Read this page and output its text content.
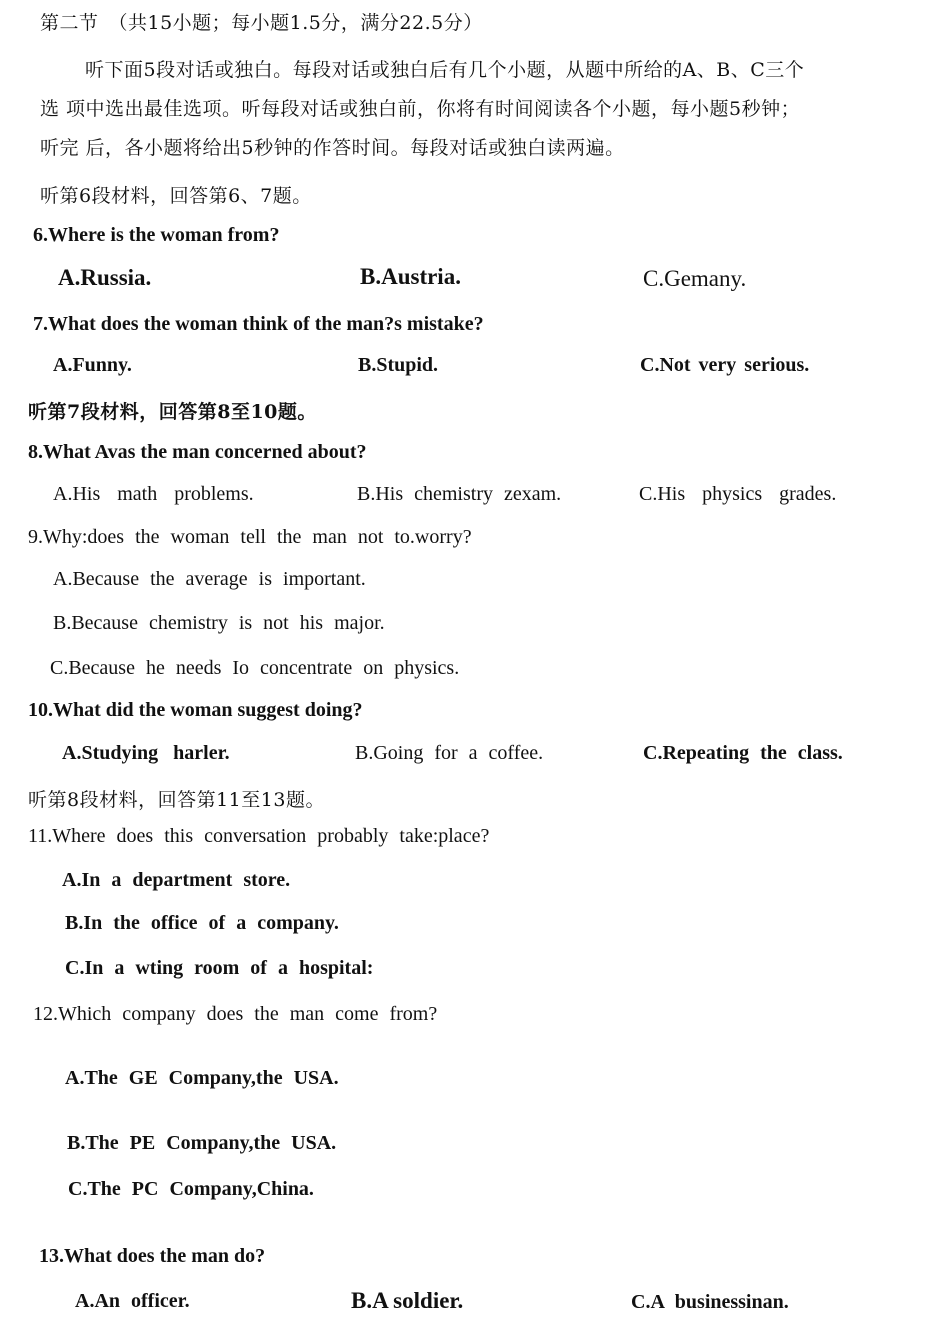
第二节　（共15小题；每小题1.5分，满分22.5分）
听下面5段对话或独白。每段对话或独白后有几个小题，从题中所给的A、B、C三个
选 项中选出最佳选项。听每段对话或独白前，你将有时间阅读各个小题，每小题5秒钟；
听完 后，各小题将给出5秒钟的作答时间。每段对话或独白读两遍。
听第6段材料，回答第6、7题。
6.Where is the woman from?
A.Russia.	B.Austria.	C.Gemany.
7.What does the woman think of the man?s mistake?
A.Funny.	B.Stupid.	C.Not very serious.
听第7段材料，回答第8至10题。
8.What Avas the man concerned about?
A.His math problems.	B.His chemistry zexam.	C.His physics grades.
9.Why:does the woman tell the man not to.worry?
A.Because the average is important.
B.Because chemistry is not his major.
C.Because he needs Io concentrate on physics.
10.What did the woman suggest doing?
A.Studying harler.	B.Going for a coffee.	C.Repeating the class.
听第8段材料，回答第11至13题。
11.Where does this conversation probably take:place?
A.In a department store.
B.In the office of a company.
C.In a wting room of a hospital:
12.Which company does the man come from?
A.The GE Company,the USA.
B.The PE Company,the USA.
C.The PC Company,China.
13.What does the man do?
A.An officer.	B.A soldier.	C.A businessinan.
